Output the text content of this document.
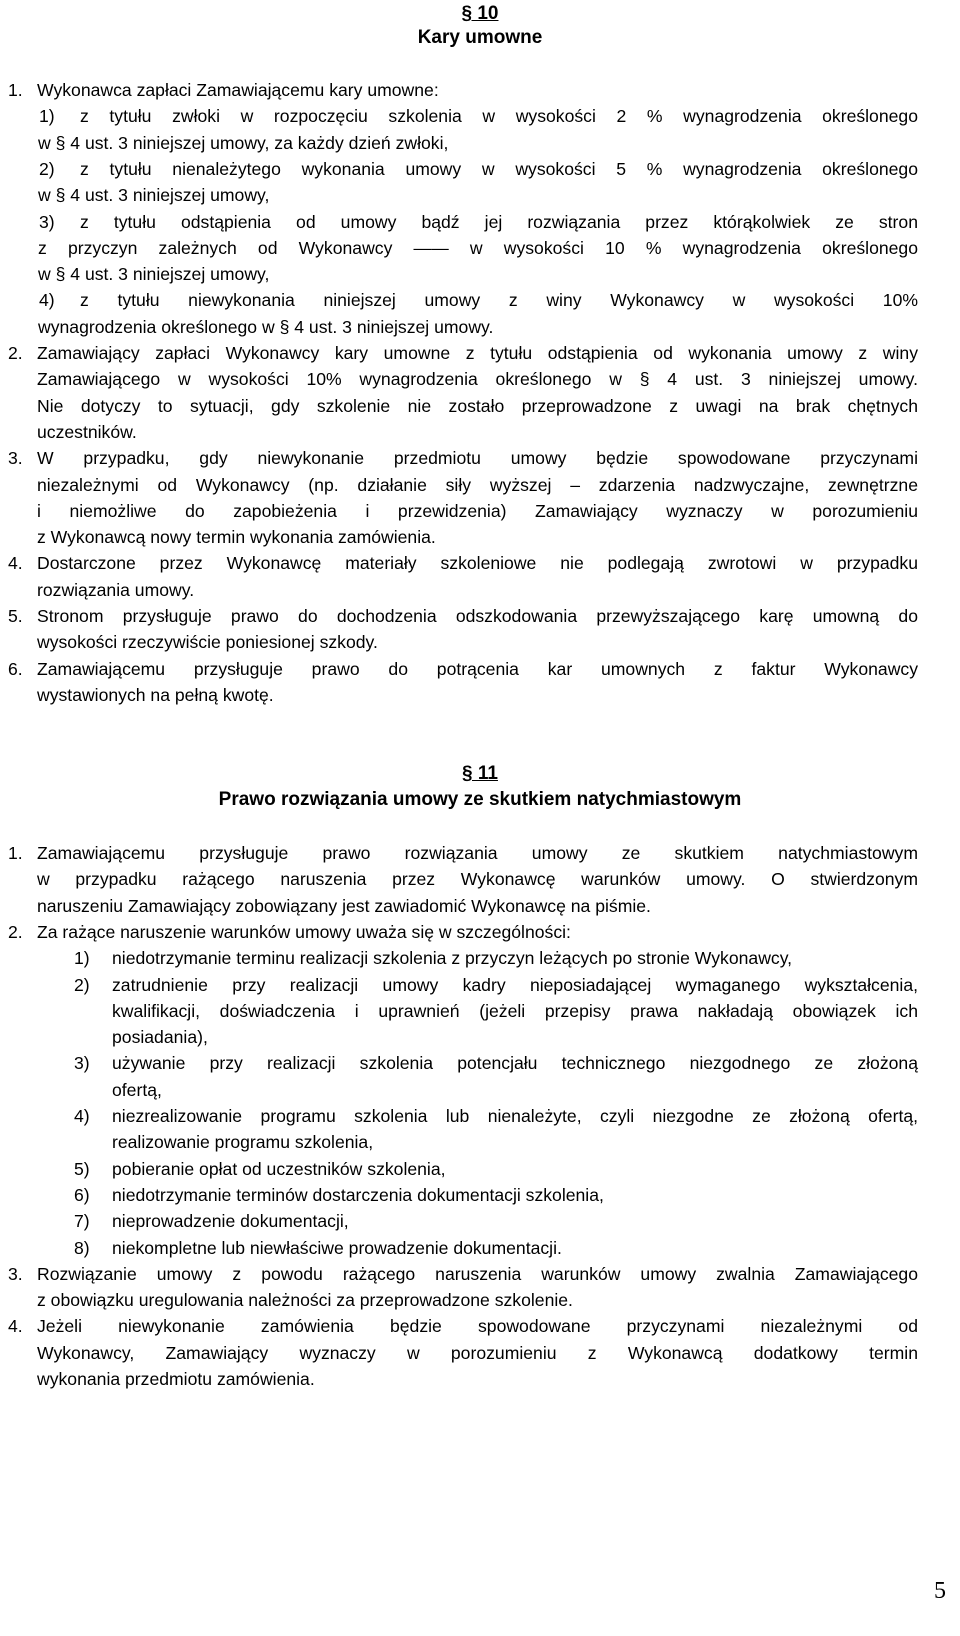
§ 10
Kary umowne
1. Wykonawca zapłaci Zamawiającemu kary umowne:
1) z tytułu zwłoki w rozpoczęciu szkolenia w wysokości 2 % wynagrodzenia określonego
w § 4 ust. 3 niniejszej umowy, za każdy dzień zwłoki,
2) z tytułu nienależytego wykonania umowy w wysokości 5 % wynagrodzenia określonego
w § 4 ust. 3 niniejszej umowy,
3) z tytułu odstąpienia od umowy bądź jej rozwiązania przez którąkolwiek ze stron
z przyczyn zależnych od Wykonawcy —— w wysokości 10 % wynagrodzenia określonego
w § 4 ust. 3 niniejszej umowy,
4) z tytułu niewykonania niniejszej umowy z winy Wykonawcy w wysokości 10%
wynagrodzenia określonego w § 4 ust. 3 niniejszej umowy.
2. Zamawiający zapłaci Wykonawcy kary umowne z tytułu odstąpienia od wykonania umowy z winy
Zamawiającego w wysokości 10% wynagrodzenia określonego w § 4 ust. 3 niniejszej umowy.
Nie dotyczy to sytuacji, gdy szkolenie nie zostało przeprowadzone z uwagi na brak chętnych
uczestników.
3. W przypadku, gdy niewykonanie przedmiotu umowy będzie spowodowane przyczynami
niezależnymi od Wykonawcy (np. działanie siły wyższej – zdarzenia nadzwyczajne, zewnętrzne
i niemożliwe do zapobieżenia i przewidzenia) Zamawiający wyznaczy w porozumieniu
z Wykonawcą nowy termin wykonania zamówienia.
4. Dostarczone przez Wykonawcę materiały szkoleniowe nie podlegają zwrotowi w przypadku
rozwiązania umowy.
5. Stronom przysługuje prawo do dochodzenia odszkodowania przewyższającego karę umowną do
wysokości rzeczywiście poniesionej szkody.
6. Zamawiającemu przysługuje prawo do potrącenia kar umownych z faktur Wykonawcy
wystawionych na pełną kwotę.
§ 11
Prawo rozwiązania umowy ze skutkiem natychmiastowym
1. Zamawiającemu przysługuje prawo rozwiązania umowy ze skutkiem natychmiastowym
w przypadku rażącego naruszenia przez Wykonawcę warunków umowy. O stwierdzonym
naruszeniu Zamawiający zobowiązany jest zawiadomić Wykonawcę na piśmie.
2. Za rażące naruszenie warunków umowy uważa się w szczególności:
1) niedotrzymanie terminu realizacji szkolenia z przyczyn leżących po stronie Wykonawcy,
2) zatrudnienie przy realizacji umowy kadry nieposiadającej wymaganego wykształcenia,
kwalifikacji, doświadczenia i uprawnień (jeżeli przepisy prawa nakładają obowiązek ich
posiadania),
3) używanie przy realizacji szkolenia potencjału technicznego niezgodnego ze złożoną
ofertą,
4) niezrealizowanie programu szkolenia lub nienależyte, czyli niezgodne ze złożoną ofertą,
realizowanie programu szkolenia,
5) pobieranie opłat od uczestników szkolenia,
6) niedotrzymanie terminów dostarczenia dokumentacji szkolenia,
7) nieprowadzenie dokumentacji,
8) niekompletne lub niewłaściwe prowadzenie dokumentacji.
3. Rozwiązanie umowy z powodu rażącego naruszenia warunków umowy zwalnia Zamawiającego
z obowiązku uregulowania należności za przeprowadzone szkolenie.
4. Jeżeli niewykonanie zamówienia będzie spowodowane przyczynami niezależnymi od
Wykonawcy, Zamawiający wyznaczy w porozumieniu z Wykonawcą dodatkowy termin
wykonania przedmiotu zamówienia.
5
